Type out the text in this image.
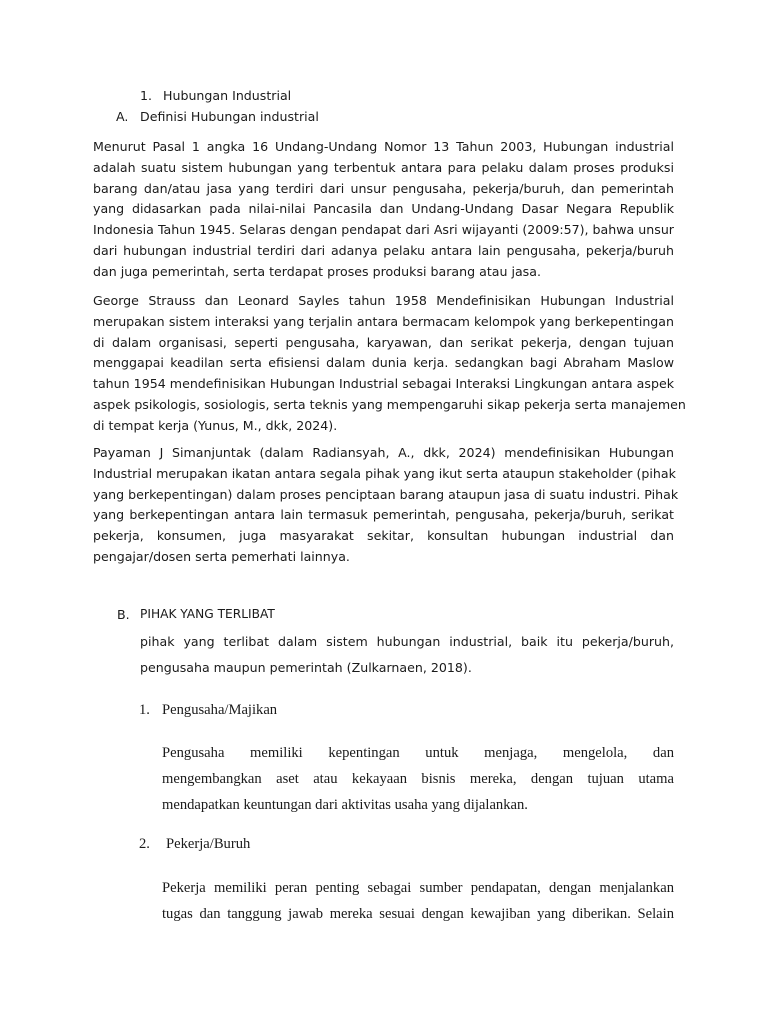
1. Hubungan Industrial
A. Definisi Hubungan industrial
Menurut Pasal 1 angka 16 Undang-Undang Nomor 13 Tahun 2003, Hubungan industrial
adalah suatu sistem hubungan yang terbentuk antara para pelaku dalam proses produksi
barang dan/atau jasa yang terdiri dari unsur pengusaha, pekerja/buruh, dan pemerintah
yang didasarkan pada nilai-nilai Pancasila dan Undang-Undang Dasar Negara Republik
Indonesia Tahun 1945. Selaras dengan pendapat dari Asri wijayanti (2009:57), bahwa unsur
dari hubungan industrial terdiri dari adanya pelaku antara lain pengusaha, pekerja/buruh
dan juga pemerintah, serta terdapat proses produksi barang atau jasa.
George Strauss dan Leonard Sayles tahun 1958 Mendefinisikan Hubungan Industrial
merupakan sistem interaksi yang terjalin antara bermacam kelompok yang berkepentingan
di dalam organisasi, seperti pengusaha, karyawan, dan serikat pekerja, dengan tujuan
menggapai keadilan serta efisiensi dalam dunia kerja. sedangkan bagi Abraham Maslow
tahun 1954 mendefinisikan Hubungan Industrial sebagai Interaksi Lingkungan antara aspek
aspek psikologis, sosiologis, serta teknis yang mempengaruhi sikap pekerja serta manajemen
di tempat kerja (Yunus, M., dkk, 2024).
Payaman J Simanjuntak (dalam Radiansyah, A., dkk, 2024) mendefinisikan Hubungan
Industrial merupakan ikatan antara segala pihak yang ikut serta ataupun stakeholder (pihak
yang berkepentingan) dalam proses penciptaan barang ataupun jasa di suatu industri. Pihak
yang berkepentingan antara lain termasuk pemerintah, pengusaha, pekerja/buruh, serikat
pekerja, konsumen, juga masyarakat sekitar, konsultan hubungan industrial dan
pengajar/dosen serta pemerhati lainnya.
B. PIHAK YANG TERLIBAT
pihak yang terlibat dalam sistem hubungan industrial, baik itu pekerja/buruh,
pengusaha maupun pemerintah (Zulkarnaen, 2018).
1. Pengusaha/Majikan
Pengusaha memiliki kepentingan untuk menjaga, mengelola, dan
mengembangkan aset atau kekayaan bisnis mereka, dengan tujuan utama
mendapatkan keuntungan dari aktivitas usaha yang dijalankan.
2. Pekerja/Buruh
Pekerja memiliki peran penting sebagai sumber pendapatan, dengan menjalankan
tugas dan tanggung jawab mereka sesuai dengan kewajiban yang diberikan. Selain
